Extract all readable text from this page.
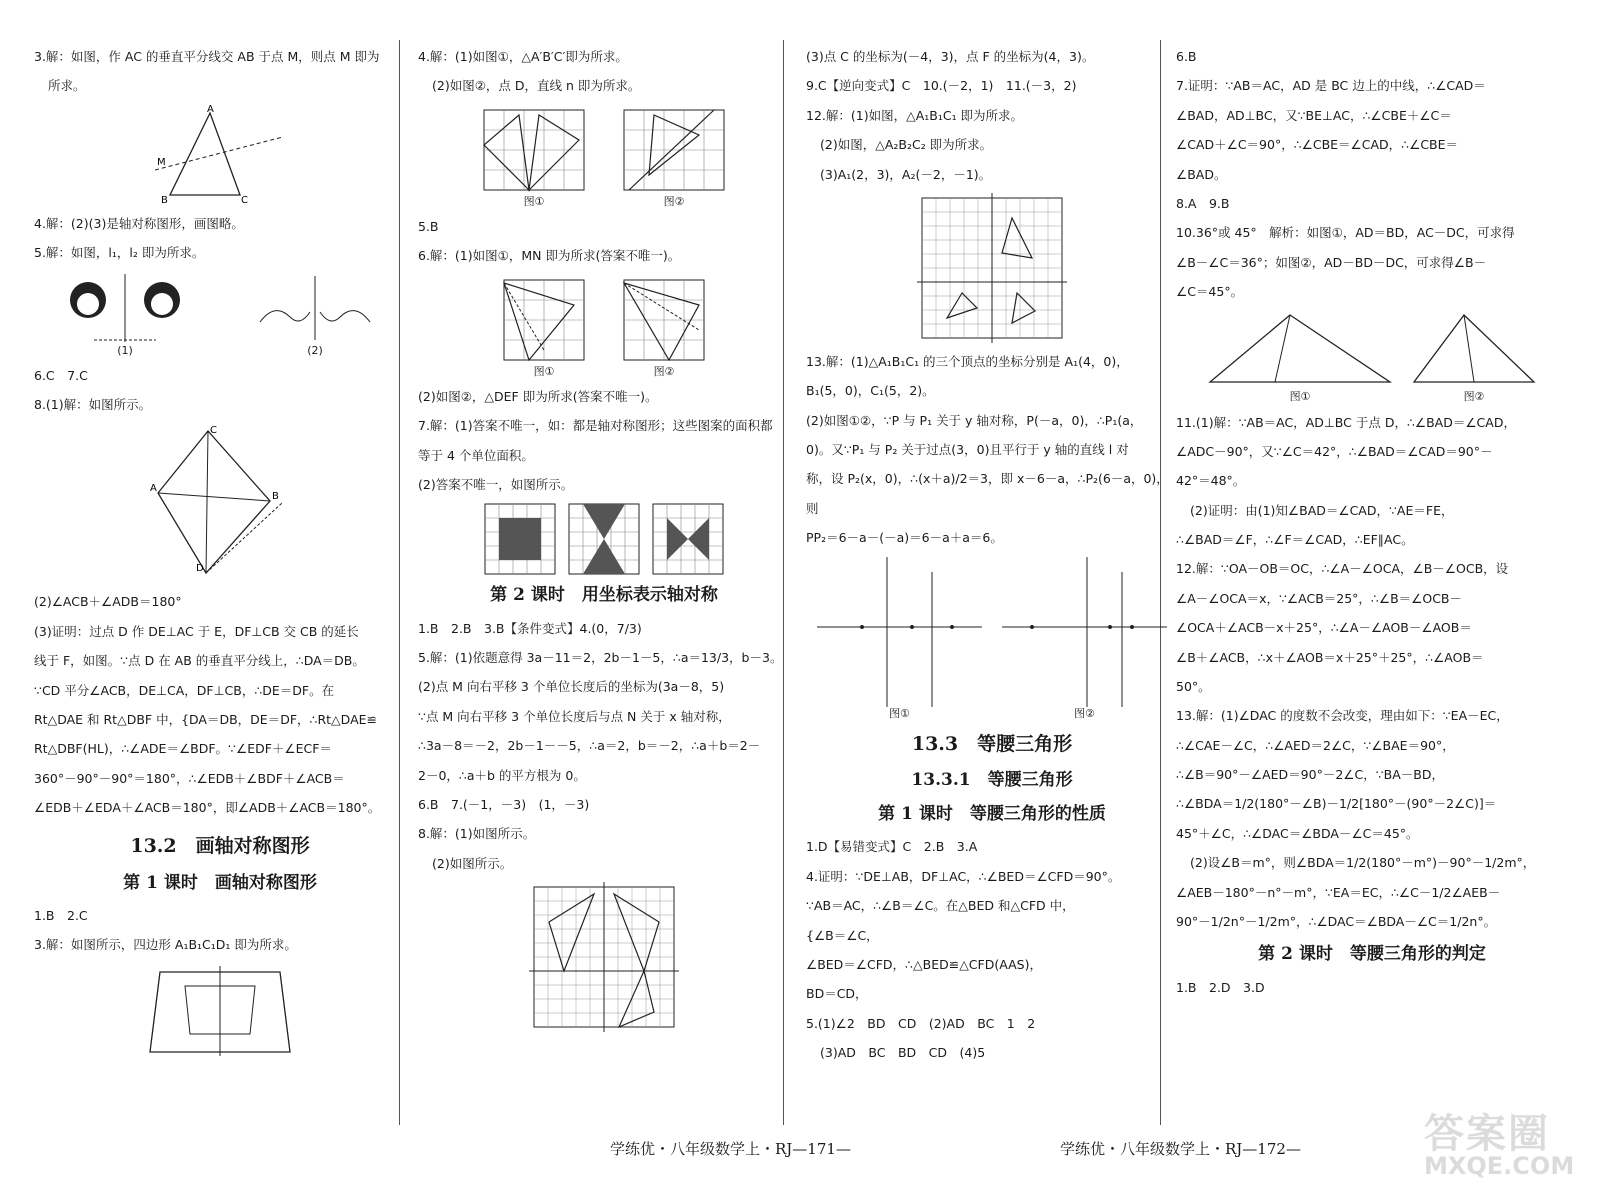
3.解：如图，作 AC 的垂直平分线交 AB 于点 M，则点 M 即为

所求。

A
B	C
M

4.解：(2)(3)是轴对称图形，画图略。

5.解：如图，l₁，l₂ 即为所求。

(1)	(2)

6.C　7.C

8.(1)解：如图所示。

C
A
B
D

(2)∠ACB＋∠ADB＝180°

(3)证明：过点 D 作 DE⊥AC 于 E，DF⊥CB 交 CB 的延长

线于 F，如图。∵点 D 在 AB 的垂直平分线上，∴DA＝DB。

∵CD 平分∠ACB，DE⊥CA，DF⊥CB，∴DE＝DF。在

Rt△DAE 和 Rt△DBF 中，{DA＝DB，DE＝DF，∴Rt△DAE≌

Rt△DBF(HL)，∴∠ADE＝∠BDF。∵∠EDF＋∠ECF＝

360°－90°－90°＝180°，∴∠EDB＋∠BDF＋∠ACB＝

∠EDB＋∠EDA＋∠ACB＝180°，即∠ADB＋∠ACB＝180°。

13.2　画轴对称图形
第 1 课时　画轴对称图形

1.B　2.C

3.解：如图所示，四边形 A₁B₁C₁D₁ 即为所求。

4.解：(1)如图①，△A′B′C′即为所求。

(2)如图②，点 D，直线 n 即为所求。

图①	图②

5.B

6.解：(1)如图①，MN 即为所求(答案不唯一)。

图①	图②

(2)如图②，△DEF 即为所求(答案不唯一)。

7.解：(1)答案不唯一，如：都是轴对称图形；这些图案的面积都

等于 4 个单位面积。

(2)答案不唯一，如图所示。

第 2 课时　用坐标表示轴对称

1.B　2.B　3.B【条件变式】4.(0，7/3)

5.解：(1)依题意得 3a－11＝2，2b－1－5，∴a＝13/3，b－3。

(2)点 M 向右平移 3 个单位长度后的坐标为(3a－8，5)

∵点 M 向右平移 3 个单位长度后与点 N 关于 x 轴对称，

∴3a－8＝－2，2b－1－－5，∴a＝2，b＝－2，∴a＋b＝2－

2－0，∴a＋b 的平方根为 0。

6.B　7.(－1，－3)　(1，－3)

8.解：(1)如图所示。

(2)如图所示。

(3)点 C 的坐标为(－4，3)，点 F 的坐标为(4，3)。

9.C【逆向变式】C　10.(－2，1)　11.(－3，2)

12.解：(1)如图，△A₁B₁C₁ 即为所求。

(2)如图，△A₂B₂C₂ 即为所求。

(3)A₁(2，3)，A₂(－2，－1)。

13.解：(1)△A₁B₁C₁ 的三个顶点的坐标分别是 A₁(4，0)，

B₁(5，0)，C₁(5，2)。

(2)如图①②，∵P 与 P₁ 关于 y 轴对称，P(－a，0)，∴P₁(a，

0)。又∵P₁ 与 P₂ 关于过点(3，0)且平行于 y 轴的直线 l 对

称，设 P₂(x，0)，∴(x＋a)/2＝3，即 x－6－a，∴P₂(6－a，0)，则

PP₂＝6－a－(－a)＝6－a＋a＝6。

图①	图②
13.3　等腰三角形
13.3.1　等腰三角形
第 1 课时　等腰三角形的性质

1.D【易错变式】C　2.B　3.A

4.证明：∵DE⊥AB，DF⊥AC，∴∠BED＝∠CFD＝90°。

∵AB＝AC，∴∠B＝∠C。在△BED 和△CFD 中，

{∠B＝∠C，

∠BED＝∠CFD，∴△BED≌△CFD(AAS)，

BD＝CD，

5.(1)∠2　BD　CD　(2)AD　BC　1　2

(3)AD　BC　BD　CD　(4)5

6.B

7.证明：∵AB＝AC，AD 是 BC 边上的中线，∴∠CAD＝

∠BAD，AD⊥BC，又∵BE⊥AC，∴∠CBE＋∠C＝

∠CAD＋∠C＝90°，∴∠CBE＝∠CAD，∴∠CBE＝

∠BAD。

8.A　9.B

10.36°或 45°　解析：如图①，AD＝BD，AC－DC，可求得

∠B－∠C＝36°；如图②，AD－BD－DC，可求得∠B－

∠C＝45°。

图①	图②

11.(1)解：∵AB＝AC，AD⊥BC 于点 D，∴∠BAD＝∠CAD，

∠ADC－90°，又∵∠C＝42°，∴∠BAD＝∠CAD＝90°－

42°＝48°。

(2)证明：由(1)知∠BAD＝∠CAD，∵AE＝FE，

∴∠BAD＝∠F，∴∠F＝∠CAD，∴EF∥AC。

12.解：∵OA－OB＝OC，∴∠A－∠OCA，∠B－∠OCB，设

∠A－∠OCA＝x，∵∠ACB＝25°，∴∠B＝∠OCB－

∠OCA＋∠ACB－x＋25°，∴∠A－∠AOB－∠AOB＝

∠B＋∠ACB，∴x＋∠AOB＝x＋25°＋25°，∴∠AOB＝

50°。

13.解：(1)∠DAC 的度数不会改变，理由如下：∵EA－EC，

∴∠CAE－∠C，∴∠AED＝2∠C，∵∠BAE＝90°，

∴∠B＝90°－∠AED＝90°－2∠C，∵BA－BD，

∴∠BDA＝1/2(180°－∠B)－1/2[180°－(90°－2∠C)]＝

45°＋∠C，∴∠DAC＝∠BDA－∠C＝45°。

(2)设∠B＝m°，则∠BDA＝1/2(180°－m°)－90°－1/2m°，

∠AEB－180°－n°－m°，∵EA＝EC，∴∠C－1/2∠AEB－

90°－1/2n°－1/2m°，∴∠DAC＝∠BDA－∠C＝1/2n°。

第 2 课时　等腰三角形的判定

1.B　2.D　3.D

学练优・八年级数学上・RJ—171—	学练优・八年级数学上・RJ—172—	答案圈
MXQE.COM
